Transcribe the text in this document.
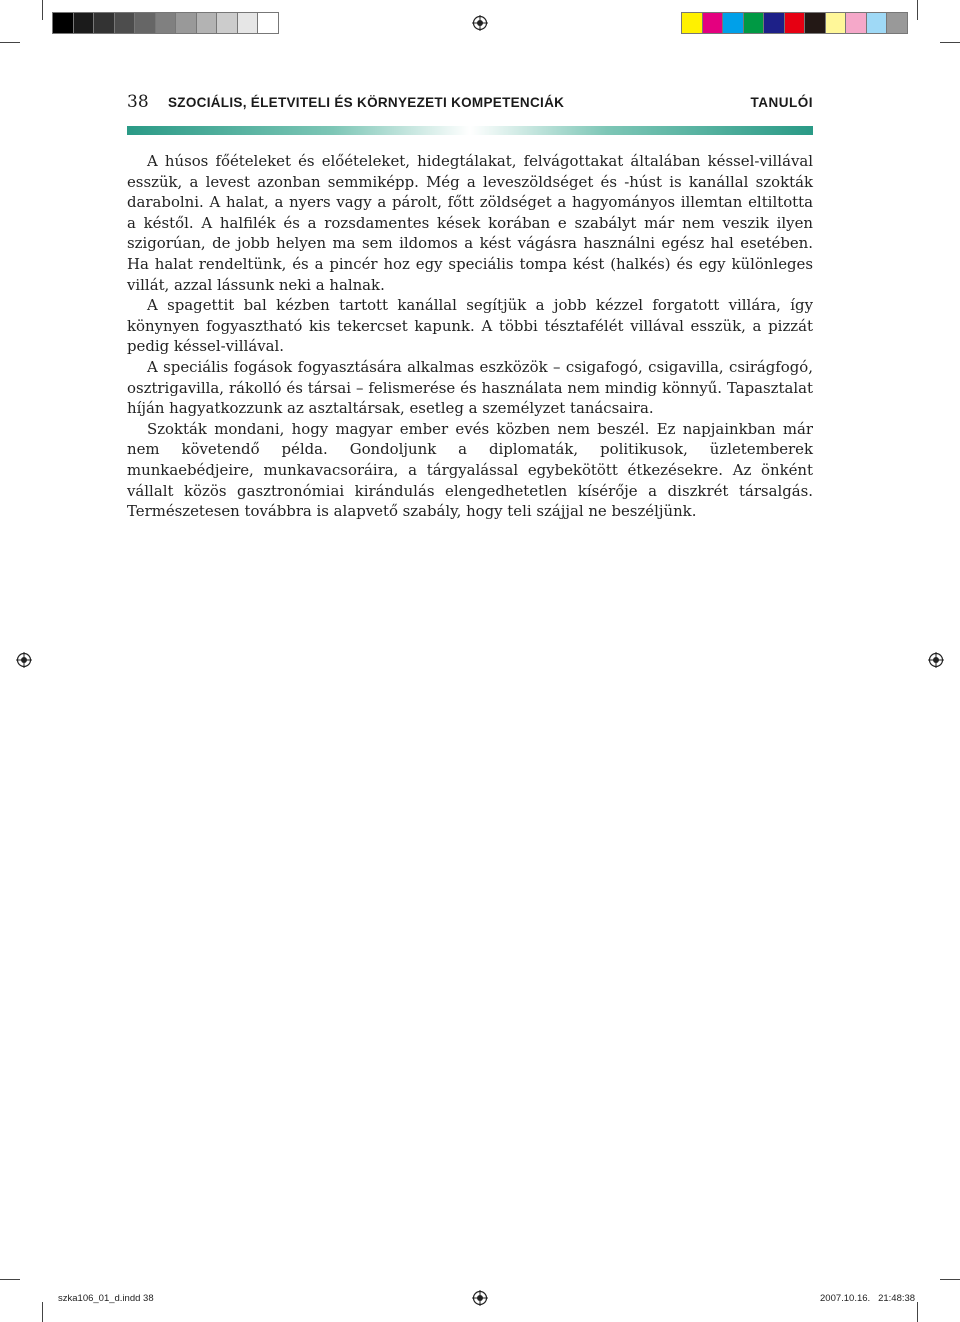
38 SZOCIÁLIS, ÉLETVITELI ÉS KÖRNYEZETI KOMPETENCIÁK	TANULÓI

A húsos főételeket és előételeket, hidegtálakat, felvágottakat általában késsel-villával esszük, a levest azonban semmiképp. Még a leveszöldséget és -húst is kanállal szokták darabolni. A halat, a nyers vagy a párolt, főtt zöldséget a hagyományos illemtan eltiltotta a késtől. A halfilék és a rozsdamentes kések korában e szabályt már nem veszik ilyen szigorúan, de jobb helyen ma sem ildomos a kést vágásra használni egész hal esetében. Ha halat rendeltünk, és a pincér hoz egy speciális tompa kést (halkés) és egy különleges villát, azzal lássunk neki a halnak.

A spagettit bal kézben tartott kanállal segítjük a jobb kézzel forgatott villára, így könynyen fogyasztható kis tekercset kapunk. A többi tésztafélét villával esszük, a pizzát pedig késsel-villával.

A speciális fogások fogyasztására alkalmas eszközök – csigafogó, csigavilla, csirágfogó, osztrigavilla, rákolló és társai – felismerése és használata nem mindig könnyű. Tapasztalat híján hagyatkozzunk az asztaltársak, esetleg a személyzet tanácsaira.

Szokták mondani, hogy magyar ember evés közben nem beszél. Ez napjainkban már nem követendő példa. Gondoljunk a diplomaták, politikusok, üzletemberek munkaebédjeire, munkavacsoráira, a tárgyalással egybekötött étkezésekre. Az önként vállalt közös gasztronómiai kirándulás elengedhetetlen kísérője a diszkrét társalgás. Természetesen továbbra is alapvető szabály, hogy teli szájjal ne beszéljünk.

szka106_01_d.indd 38	2007.10.16.   21:48:38
